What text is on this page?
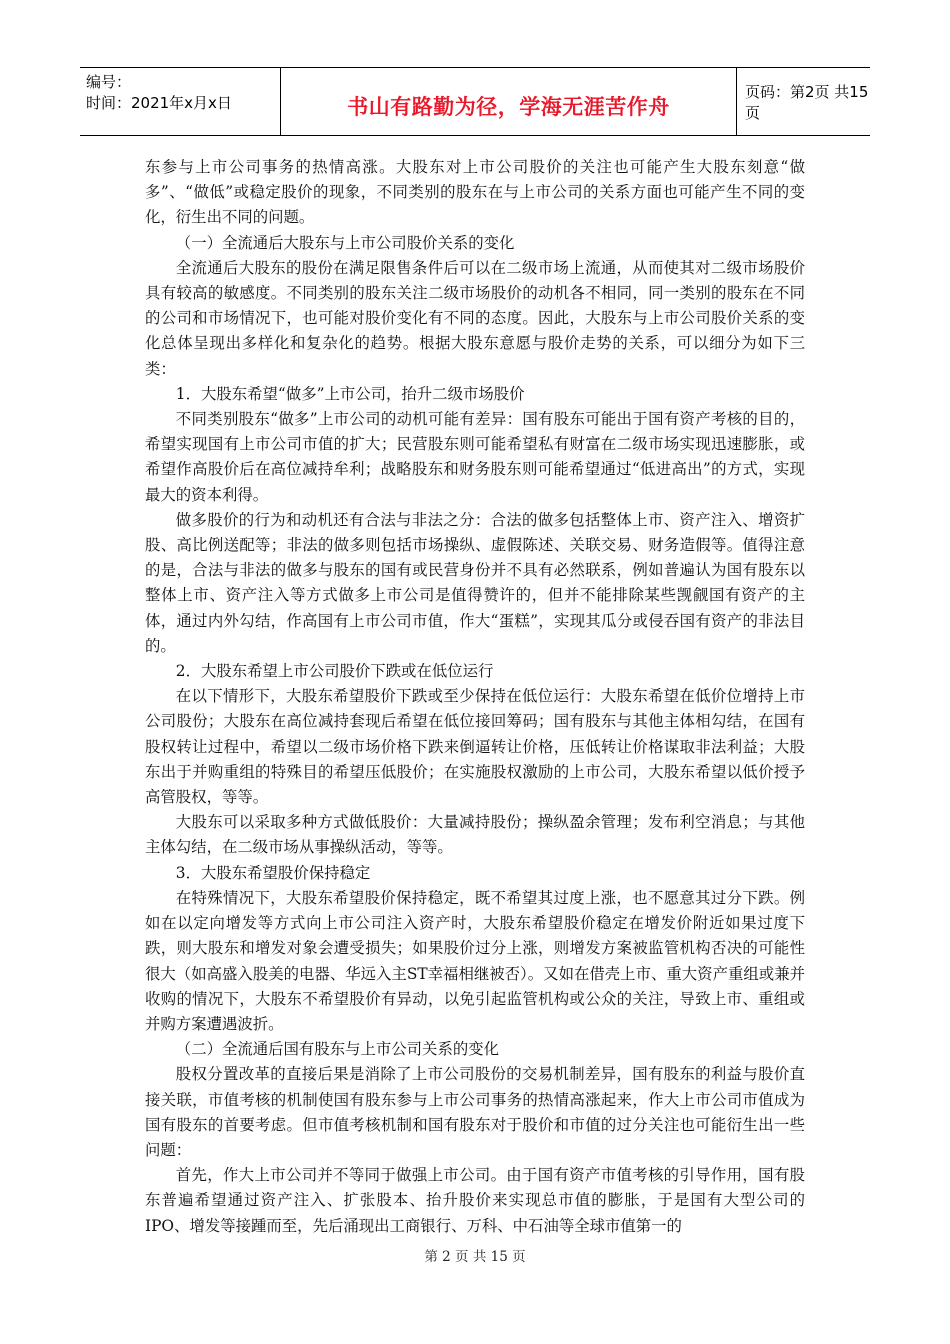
编号：
时间：2021年x月x日	书山有路勤为径，学海无涯苦作舟
页码：第2页 共15页

东参与上市公司事务的热情高涨。大股东对上市公司股价的关注也可能产生大股东刻意“做多”、“做低”或稳定股价的现象，不同类别的股东在与上市公司的关系方面也可能产生不同的变化，衍生出不同的问题。

（一）全流通后大股东与上市公司股价关系的变化

全流通后大股东的股份在满足限售条件后可以在二级市场上流通，从而使其对二级市场股价具有较高的敏感度。不同类别的股东关注二级市场股价的动机各不相同，同一类别的股东在不同的公司和市场情况下，也可能对股价变化有不同的态度。因此，大股东与上市公司股价关系的变化总体呈现出多样化和复杂化的趋势。根据大股东意愿与股价走势的关系，可以细分为如下三类：

1．大股东希望“做多”上市公司，抬升二级市场股价

不同类别股东“做多”上市公司的动机可能有差异：国有股东可能出于国有资产考核的目的，希望实现国有上市公司市值的扩大；民营股东则可能希望私有财富在二级市场实现迅速膨胀，或希望作高股价后在高位减持牟利；战略股东和财务股东则可能希望通过“低进高出”的方式，实现最大的资本利得。

做多股价的行为和动机还有合法与非法之分：合法的做多包括整体上市、资产注入、增资扩股、高比例送配等；非法的做多则包括市场操纵、虚假陈述、关联交易、财务造假等。值得注意的是，合法与非法的做多与股东的国有或民营身份并不具有必然联系，例如普遍认为国有股东以整体上市、资产注入等方式做多上市公司是值得赞许的，但并不能排除某些觊觎国有资产的主体，通过内外勾结，作高国有上市公司市值，作大“蛋糕”，实现其瓜分或侵吞国有资产的非法目的。

2．大股东希望上市公司股价下跌或在低位运行

在以下情形下，大股东希望股价下跌或至少保持在低位运行：大股东希望在低价位增持上市公司股份；大股东在高位减持套现后希望在低位接回筹码；国有股东与其他主体相勾结，在国有股权转让过程中，希望以二级市场价格下跌来倒逼转让价格，压低转让价格谋取非法利益；大股东出于并购重组的特殊目的希望压低股价；在实施股权激励的上市公司，大股东希望以低价授予高管股权，等等。

大股东可以采取多种方式做低股价：大量减持股份；操纵盈余管理；发布利空消息；与其他主体勾结，在二级市场从事操纵活动，等等。

3．大股东希望股价保持稳定

在特殊情况下，大股东希望股价保持稳定，既不希望其过度上涨，也不愿意其过分下跌。例如在以定向增发等方式向上市公司注入资产时，大股东希望股价稳定在增发价附近如果过度下跌，则大股东和增发对象会遭受损失；如果股价过分上涨，则增发方案被监管机构否决的可能性很大（如高盛入股美的电器、华远入主ST幸福相继被否）。又如在借壳上市、重大资产重组或兼并收购的情况下，大股东不希望股价有异动，以免引起监管机构或公众的关注，导致上市、重组或并购方案遭遇波折。

（二）全流通后国有股东与上市公司关系的变化

股权分置改革的直接后果是消除了上市公司股份的交易机制差异，国有股东的利益与股价直接关联，市值考核的机制使国有股东参与上市公司事务的热情高涨起来，作大上市公司市值成为国有股东的首要考虑。但市值考核机制和国有股东对于股价和市值的过分关注也可能衍生出一些问题：

首先，作大上市公司并不等同于做强上市公司。由于国有资产市值考核的引导作用，国有股东普遍希望通过资产注入、扩张股本、抬升股价来实现总市值的膨胀，于是国有大型公司的IPO、增发等接踵而至，先后涌现出工商银行、万科、中石油等全球市值第一的

第 2 页 共 15 页
